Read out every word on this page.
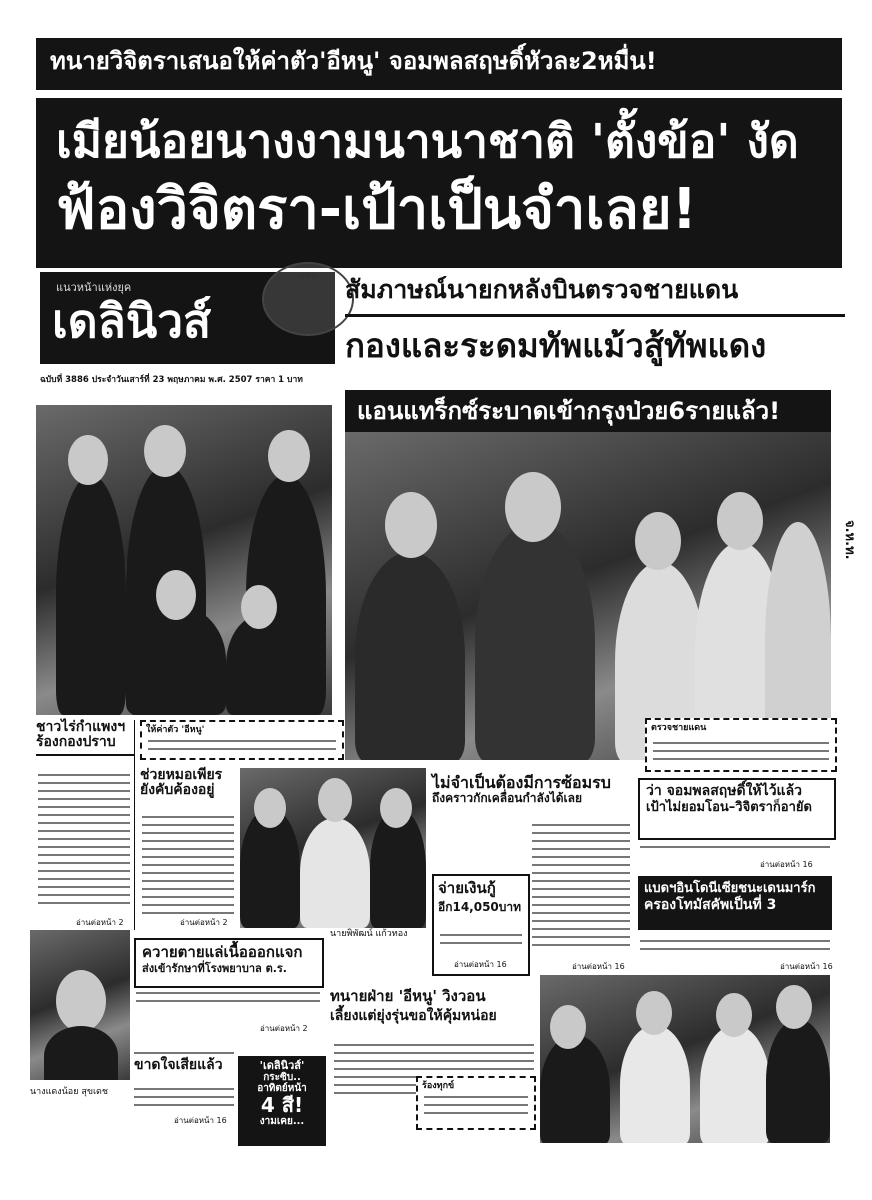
ทนายวิจิตราเสนอให้ค่าตัว'อีหนู' จอมพลสฤษดิ์หัวละ2หมื่น!
เมียน้อยนางงามนานาชาติ 'ตั้งข้อ' งัด
ฟ้องวิจิตรา-เป้าเป็นจำเลย!
แนวหน้าแห่งยุค
เดลินิวส์
ลพบ
ฉบับที่ 3886 ประจำวันเสาร์ที่ 23 พฤษภาคม พ.ศ. 2507 ราคา 1 บาท
สัมภาษณ์นายกหลังบินตรวจชายแดน
กองและระดมทัพแม้วสู้ทัพแดง
แอนแทร็กซ์ระบาดเข้ากรุงป่วย6รายแล้ว!
จ.ห.ท.
ตรวจชายแดน
ให้ค่าตัว 'อีหนู'
ชาวไร่กำแพงฯ
ร้องกองปราบ
อ่านต่อหน้า 2
ช่วยหมอเพียร
ยังคับค้องอยู่
อ่านต่อหน้า 2
นายพิพัฒน์ แก้วทอง
ไม่จำเป็นต้องมีการซ้อมรบ
ถึงคราวกักเคลื่อนกำลังได้เลย
อ่านต่อหน้า 16
จ่ายเงินกู้
อีก14,050บาท
อ่านต่อหน้า 16
ว่า จอมพลสฤษดิ์ให้ไว้แล้ว
เป้าไม่ยอมโอน–วิจิตราก็อายัด
อ่านต่อหน้า 16
แบดฯอินโดนีเซียชนะเดนมาร์ก
ครองโทมัสคัพเป็นที่ 3
อ่านต่อหน้า 16
นางแดงน้อย สุขเดช
ควายตายแล่เนื้อออกแจก
ส่งเข้ารักษาที่โรงพยาบาล ต.ร.
อ่านต่อหน้า 2
ทนายฝ่าย 'อีหนู' วิงวอน
เลี้ยงแต่ยุ่งรุ่นขอให้คุ้มหน่อย
ขาดใจเสียแล้ว
อ่านต่อหน้า 16
'เดลินิวส์'
กระซิบ..
อาทิตย์หน้า
4 สี!
งามเคย...
ร้องทุกข์
